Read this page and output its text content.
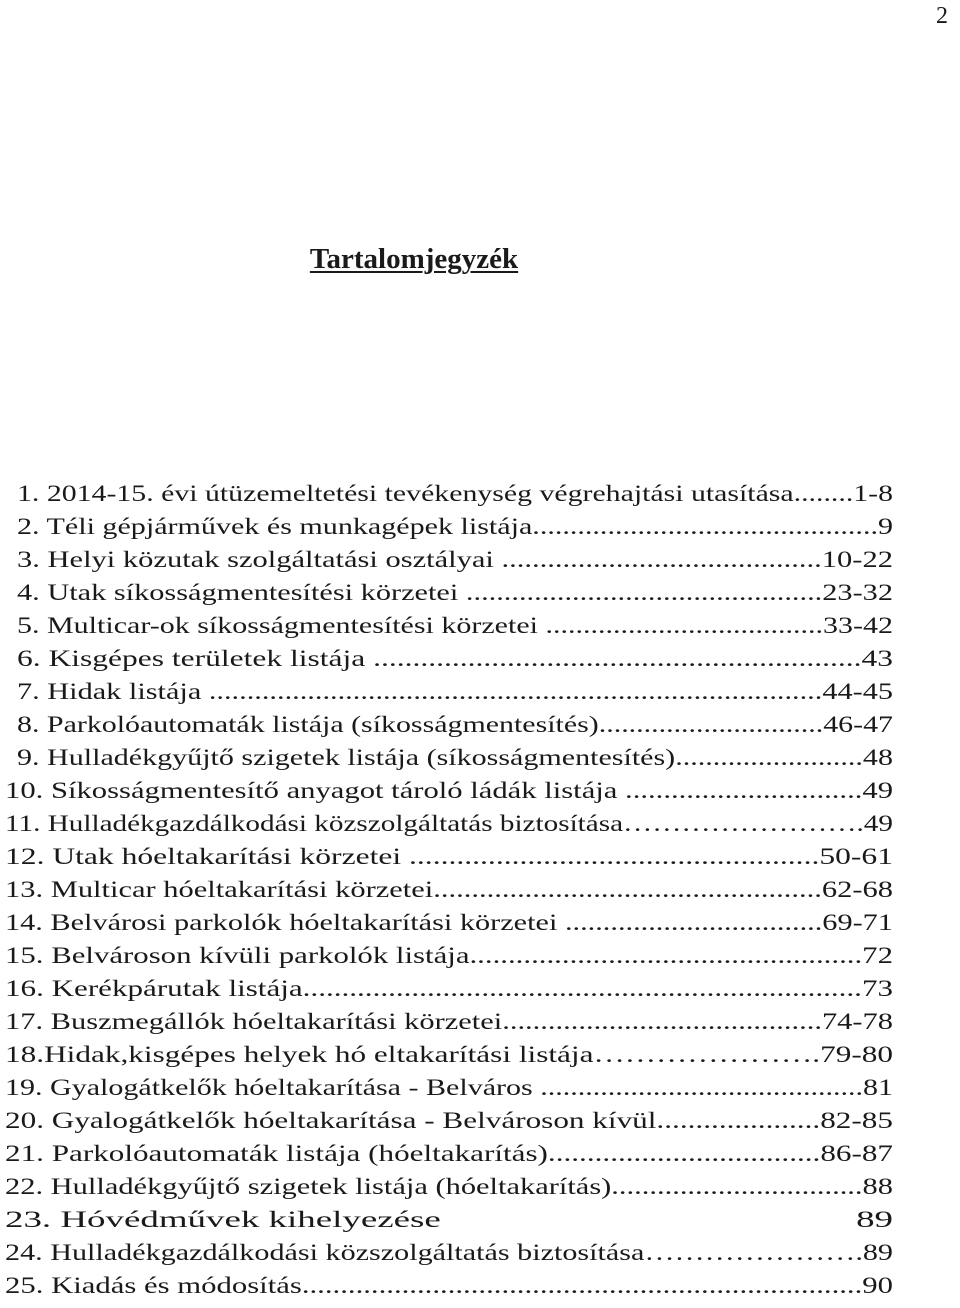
2
Tartalomjegyzék
1. 2014-15. évi útüzemeltetési tevékenység végrehajtási utasítása........1-8
2. Téli gépjárművek és munkagépek listája..............................................9
3. Helyi közutak szolgáltatási osztályai ..........................................10-22
4. Utak síkosságmentesítési körzetei ...............................................23-32
5. Multicar-ok síkosságmentesítési körzetei .....................................33-42
6. Kisgépes területek listája ..............................................................43
7. Hidak listája .................................................................................44-45
8. Parkolóautomaták listája (síkosságmentesítés)..............................46-47
9. Hulladékgyűjtő szigetek listája (síkosságmentesítés).........................48
10. Síkosságmentesítő anyagot tároló ládák listája ...............................49
11. Hulladékgazdálkodási közszolgáltatás biztosítása…………………….49
12. Utak hóeltakarítási körzetei ....................................................50-61
13. Multicar hóeltakarítási körzetei...................................................62-68
14. Belvárosi parkolók hóeltakarítási körzetei ..................................69-71
15. Belvároson kívüli parkolók listája...................................................72
16. Kerékpárutak listája........................................................................73
17. Buszmegállók hóeltakarítási körzetei..........................................74-78
18.Hidak,kisgépes helyek hó eltakarítási listája………………….79-80
19. Gyalogátkelők hóeltakarítása - Belváros ...........................................81
20. Gyalogátkelők hóeltakarítása - Belvároson kívül.....................82-85
21. Parkolóautomaták listája (hóeltakarítás)...................................86-87
22. Hulladékgyűjtő szigetek listája (hóeltakarítás).................................88
23. Hóvédművek kihelyezése                                             89
24. Hulladékgazdálkodási közszolgáltatás biztosítása………………….89
25. Kiadás és módosítás.........................................................................90
